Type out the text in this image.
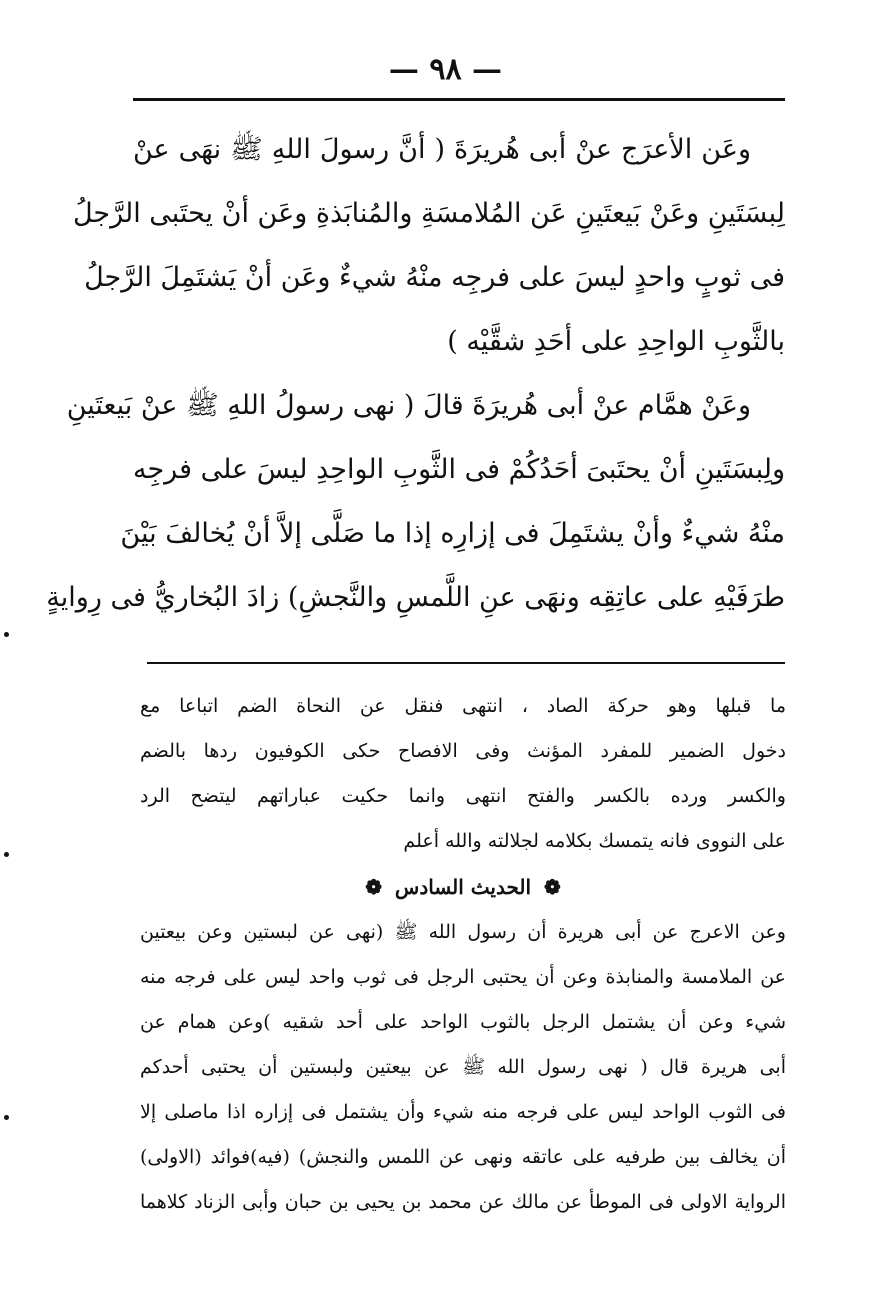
— ٩٨ —
وعَن الأعرَج عنْ أبى هُريرَةَ ( أنَّ رسولَ اللهِ ﷺ نهَى عنْ
لِبسَتَينِ وعَنْ بَيعتَينِ عَن المُلامسَةِ والمُنابَذةِ وعَن أنْ يحتَبى الرَّجلُ
فى ثوبٍ واحدٍ ليسَ على فرجِه منْهُ شيءٌ وعَن أنْ يَشتَمِلَ الرَّجلُ
بالثَّوبِ الواحِدِ على أحَدِ شقَّيْه )
وعَنْ همَّام عنْ أبى هُريرَةَ قالَ ( نهى رسولُ اللهِ ﷺ عنْ بَيعتَينِ
ولِبسَتَينِ أنْ يحتَبىَ أحَدُكُمْ فى الثَّوبِ الواحِدِ ليسَ على فرجِه
منْهُ شيءٌ وأنْ يشتَمِلَ فى إزارِه إذا ما صَلَّى إلاَّ أنْ يُخالفَ بَيْنَ
طرَفَيْهِ على عاتِقِه ونهَى عنِ اللَّمسِ والنَّجشِ) زادَ البُخاريُّ فى رِوايةٍ
ما قبلها وهو حركة الصاد ، انتهى فنقل عن النحاة الضم اتباعا مع
دخول الضمير للمفرد المؤنث وفى الافصاح حكى الكوفيون ردها بالضم
والكسر ورده بالكسر والفتح انتهى وانما حكيت عباراتهم ليتضح الرد
على النووى فانه يتمسك بكلامه لجلالته والله أعلم
❁ الحديث السادس ❁
وعن الاعرج عن أبى هريرة أن رسول الله ﷺ (نهى عن لبستين وعن بيعتين
عن الملامسة والمنابذة وعن أن يحتبى الرجل فى ثوب واحد ليس على فرجه منه
شيء وعن أن يشتمل الرجل بالثوب الواحد على أحد شقيه )وعن همام عن
أبى هريرة قال ( نهى رسول الله ﷺ عن بيعتين ولبستين أن يحتبى أحدكم
فى الثوب الواحد ليس على فرجه منه شيء وأن يشتمل فى إزاره اذا ماصلى إلا
أن يخالف بين طرفيه على عاتقه ونهى عن اللمس والنجش) (فيه)فوائد (الاولى)
الرواية الاولى فى الموطأ عن مالك عن محمد بن يحيى بن حبان وأبى الزناد كلاهما
